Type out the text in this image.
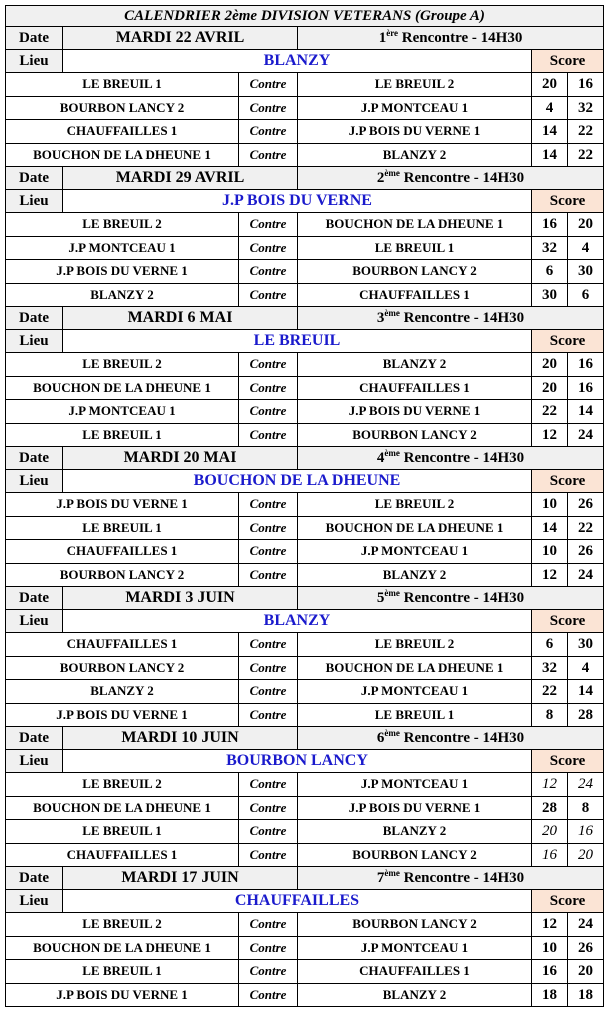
CALENDRIER 2ème DIVISION VETERANS (Groupe A)					
Date	MARDI 22 AVRIL		1ère Rencontre - 14H30		
Lieu	BLANZY			Score	
LE BREUIL 1		Contre	LE BREUIL 2	20	16
BOURBON LANCY 2		Contre	J.P MONTCEAU 1	4	32
CHAUFFAILLES 1		Contre	J.P BOIS DU VERNE 1	14	22
BOUCHON DE LA DHEUNE 1		Contre	BLANZY 2	14	22
Date	MARDI 29 AVRIL		2ème Rencontre - 14H30		
Lieu	J.P BOIS DU VERNE			Score	
LE BREUIL 2		Contre	BOUCHON DE LA DHEUNE 1	16	20
J.P MONTCEAU 1		Contre	LE BREUIL 1	32	4
J.P BOIS DU VERNE 1		Contre	BOURBON LANCY 2	6	30
BLANZY 2		Contre	CHAUFFAILLES 1	30	6
Date	MARDI 6 MAI		3ème Rencontre - 14H30		
Lieu	LE BREUIL			Score	
LE BREUIL 2		Contre	BLANZY 2	20	16
BOUCHON DE LA DHEUNE 1		Contre	CHAUFFAILLES 1	20	16
J.P MONTCEAU 1		Contre	J.P BOIS DU VERNE 1	22	14
LE BREUIL 1		Contre	BOURBON LANCY 2	12	24
Date	MARDI 20 MAI		4ème Rencontre - 14H30		
Lieu	BOUCHON DE LA DHEUNE			Score	
J.P BOIS DU VERNE 1		Contre	LE BREUIL 2	10	26
LE BREUIL 1		Contre	BOUCHON DE LA DHEUNE 1	14	22
CHAUFFAILLES 1		Contre	J.P MONTCEAU 1	10	26
BOURBON LANCY 2		Contre	BLANZY 2	12	24
Date	MARDI 3 JUIN		5ème Rencontre - 14H30		
Lieu	BLANZY			Score	
CHAUFFAILLES 1		Contre	LE BREUIL 2	6	30
BOURBON LANCY 2		Contre	BOUCHON DE LA DHEUNE 1	32	4
BLANZY 2		Contre	J.P MONTCEAU 1	22	14
J.P BOIS DU VERNE 1		Contre	LE BREUIL 1	8	28
Date	MARDI 10 JUIN		6ème Rencontre - 14H30		
Lieu	BOURBON LANCY			Score	
LE BREUIL 2		Contre	J.P MONTCEAU 1	12	24
BOUCHON DE LA DHEUNE 1		Contre	J.P BOIS DU VERNE 1	28	8
LE BREUIL 1		Contre	BLANZY 2	20	16
CHAUFFAILLES 1		Contre	BOURBON LANCY 2	16	20
Date	MARDI 17 JUIN		7ème Rencontre - 14H30		
Lieu	CHAUFFAILLES			Score	
LE BREUIL 2		Contre	BOURBON LANCY 2	12	24
BOUCHON DE LA DHEUNE 1		Contre	J.P MONTCEAU 1	10	26
LE BREUIL 1		Contre	CHAUFFAILLES 1	16	20
J.P BOIS DU VERNE 1		Contre	BLANZY 2	18	18
